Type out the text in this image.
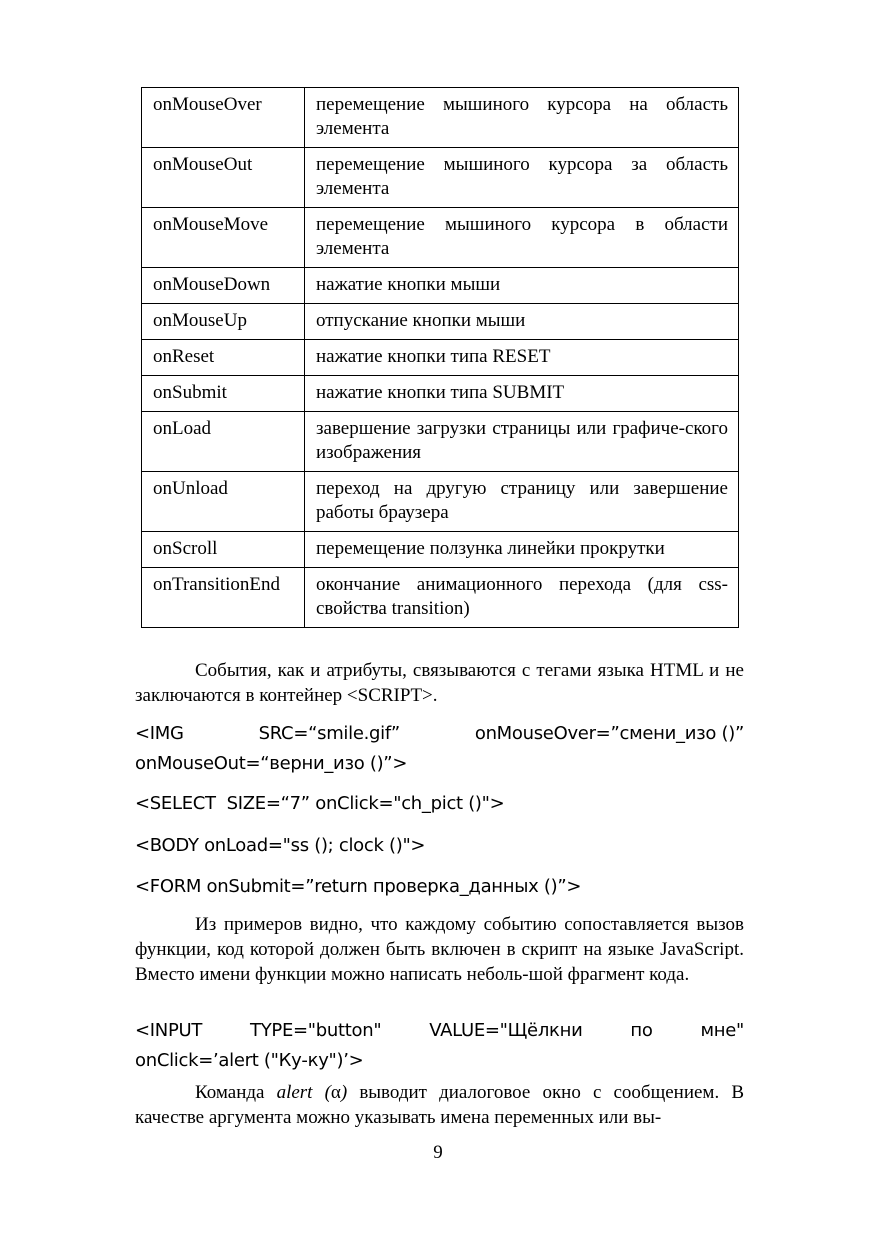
onMouseOver	перемещение мышиного курсора на область элемента
onMouseOut	перемещение мышиного курсора за область элемента
onMouseMove	перемещение мышиного курсора в области элемента
onMouseDown	нажатие кнопки мыши
onMouseUp	отпускание кнопки мыши
onReset	нажатие кнопки типа RESET
onSubmit	нажатие кнопки типа SUBMIT
onLoad	завершение загрузки страницы или графиче-ского изображения
onUnload	переход на другую страницу или завершение работы браузера
onScroll	перемещение ползунка линейки прокрутки
onTransitionEnd	окончание анимационного перехода (для css-свойства transition)
События, как и атрибуты, связываются с тегами языка HTML и не заключаются в контейнер <SCRIPT>.
<IMG	SRC=“smile.gif”	onMouseOver=”смени_изо ()”
onMouseOut=“верни_изо ()”>
<SELECT  SIZE=“7” onClick="ch_pict ()">
<BODY onLoad="ss (); clock ()">
<FORM onSubmit=”return проверка_данных ()”>
Из примеров видно, что каждому событию сопоставляется вызов функции, код которой должен быть включен в скрипт на языке JavaScript. Вместо имени функции можно написать неболь-шой фрагмент кода.
<INPUT	TYPE="button"	VALUE="Щёлкни	по	мне"
onClick=’alert ("Ку-ку")’>
Команда alert (α) выводит диалоговое окно с сообщением. В качестве аргумента можно указывать имена переменных или вы-
9
